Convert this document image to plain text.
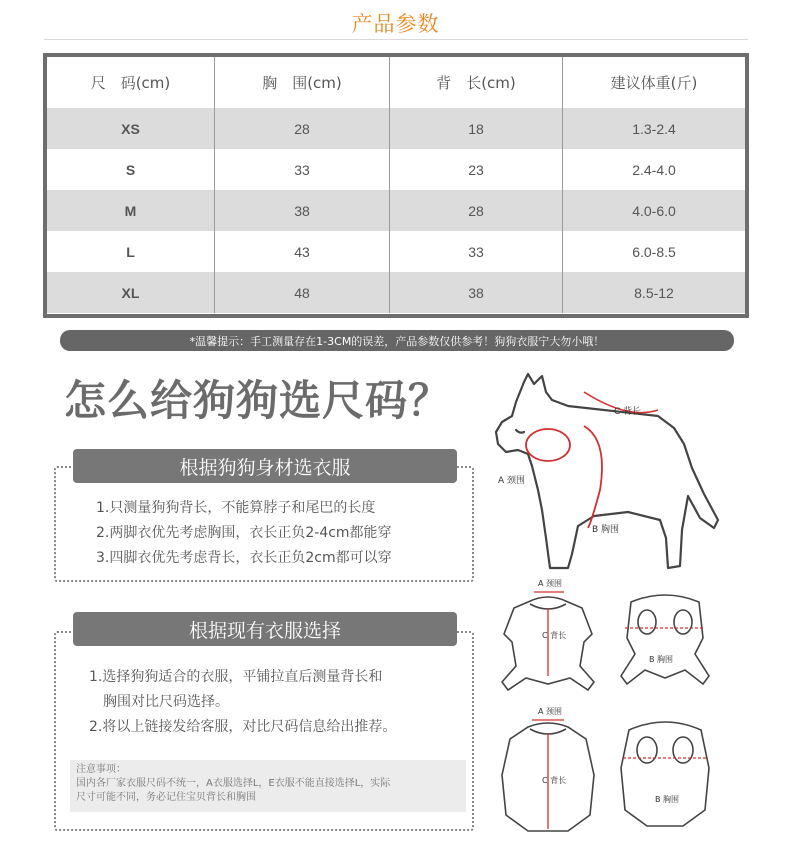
产品参数
尺　码(cm)	胸　围(cm)	背　长(cm)	建议体重(斤)
XS	28	18	1.3-2.4
S	33	23	2.4-4.0
M	38	28	4.0-6.0
L	43	33	6.0-8.5
XL	48	38	8.5-12
*温馨提示：手工测量存在1-3CM的误差，产品参数仅供参考！狗狗衣服宁大勿小哦！
怎么给狗狗选尺码？
根据狗狗身材选衣服
1.只测量狗狗背长，不能算脖子和尾巴的长度
2.两脚衣优先考虑胸围，衣长正负2-4cm都能穿
3.四脚衣优先考虑背长，衣长正负2cm都可以穿
根据现有衣服选择
1.选择狗狗适合的衣服，平铺拉直后测量背长和
胸围对比尺码选择。
2.将以上链接发给客服，对比尺码信息给出推荐。
注意事项：
国内各厂家衣服尺码不统一，A衣服选择L，E衣服不能直接选择L，实际
尺寸可能不同，务必记住宝贝背长和胸围
C 背长
A 颈围
B 胸围
A 颈围
C 背长
B 胸围
A 颈围
C 背长
B 胸围
